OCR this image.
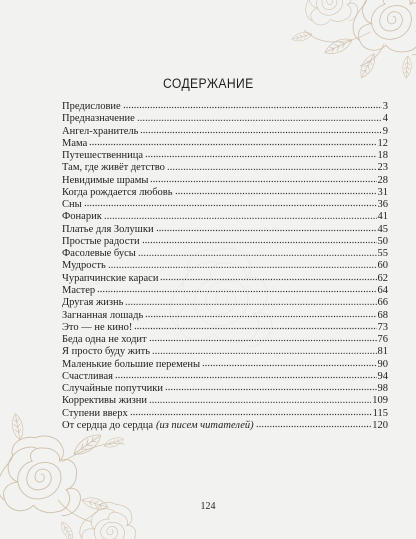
СОДЕРЖАНИЕ
Предисловие	3
Предназначение	4
Ангел-хранитель	9
Мама	12
Путешественница	18
Там, где живёт детство	23
Невидимые шрамы	28
Когда рождается любовь	31
Сны	36
Фонарик	41
Платье для Золушки	45
Простые радости	50
Фасолевые бусы	55
Мудрость	60
Чурапчинские караси	62
Мастер	64
Другая жизнь	66
Загнанная лошадь	68
Это — не кино!	73
Беда одна не ходит	76
Я просто буду жить	81
Маленькие большие перемены	90
Счастливая	94
Случайные попутчики	98
Коррективы жизни	109
Ступени вверх	115
От сердца до сердца (из писем читателей)	120
124
